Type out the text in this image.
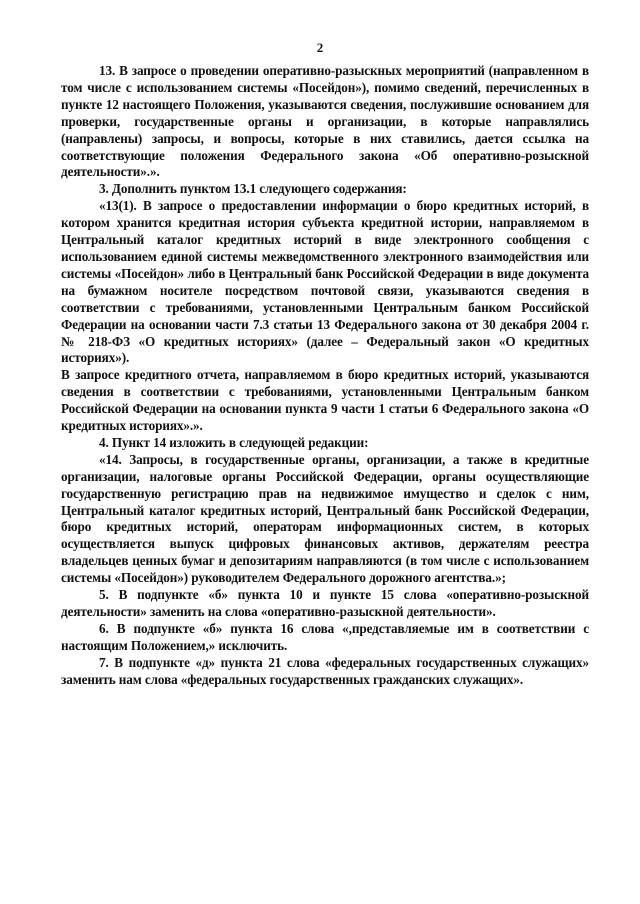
2

13. В запросе о проведении оперативно-разыскных мероприятий (направленном в том числе с использованием системы «Посейдон»), помимо сведений, перечисленных в пункте 12 настоящего Положения, указываются сведения, послужившие основанием для проверки, государственные органы и организации, в которые направлялись (направлены) запросы, и вопросы, которые в них ставились, дается ссылка на соответствующие положения Федерального закона «Об оперативно-розыскной деятельности».».

3. Дополнить пунктом 13.1 следующего содержания:

«13(1). В запросе о предоставлении информации о бюро кредитных историй, в котором хранится кредитная история субъекта кредитной истории, направляемом в Центральный каталог кредитных историй в виде электронного сообщения с использованием единой системы межведомственного электронного взаимодействия или системы «Посейдон» либо в Центральный банк Российской Федерации в виде документа на бумажном носителе посредством почтовой связи, указываются сведения в соответствии с требованиями, установленными Центральным банком Российской Федерации на основании части 7.3 статьи 13 Федерального закона от 30 декабря 2004 г. № 218-ФЗ «О кредитных историях» (далее – Федеральный закон «О кредитных историях»).

В запросе кредитного отчета, направляемом в бюро кредитных историй, указываются сведения в соответствии с требованиями, установленными Центральным банком Российской Федерации на основании пункта 9 части 1 статьи 6 Федерального закона «О кредитных историях».».

4. Пункт 14 изложить в следующей редакции:

«14. Запросы, в государственные органы, организации, а также в кредитные организации, налоговые органы Российской Федерации, органы осуществляющие государственную регистрацию прав на недвижимое имущество и сделок с ним, Центральный каталог кредитных историй, Центральный банк Российской Федерации, бюро кредитных историй, операторам информационных систем, в которых осуществляется выпуск цифровых финансовых активов, держателям реестра владельцев ценных бумаг и депозитариям направляются (в том числе с использованием системы «Посейдон») руководителем Федерального дорожного агентства.»;

5. В подпункте «б» пункта 10 и пункте 15 слова «оперативно-розыскной деятельности» заменить на слова «оперативно-разыскной деятельности».

6. В подпункте «б» пункта 16 слова «,представляемые им в соответствии с настоящим Положением,» исключить.

7. В подпункте «д» пункта 21 слова «федеральных государственных служащих» заменить нам слова «федеральных государственных гражданских служащих».
